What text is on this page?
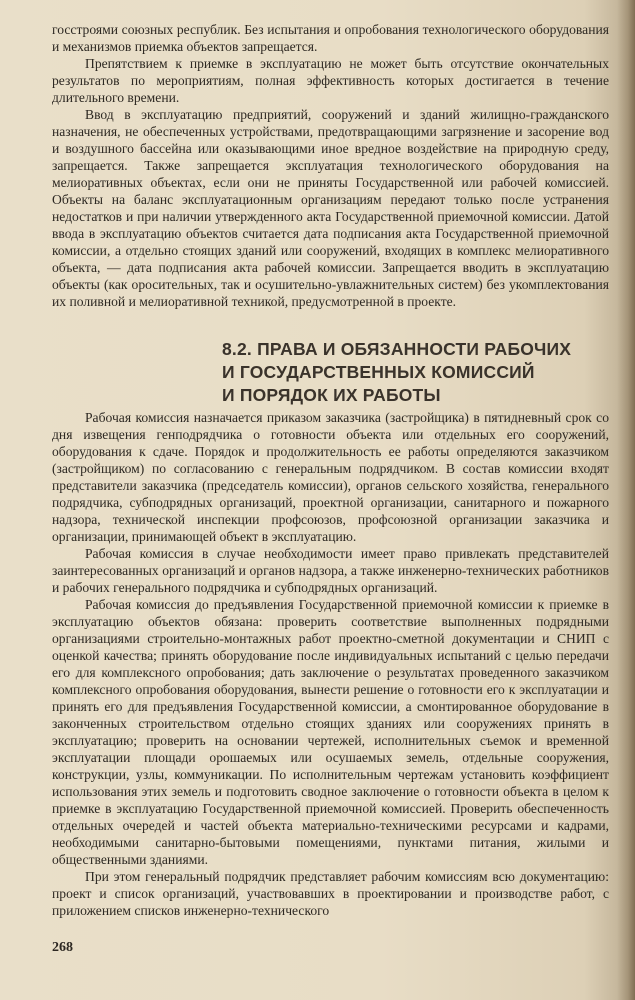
госстроями союзных республик. Без испытания и опробования технологического оборудования и механизмов приемка объектов запрещается.

Препятствием к приемке в эксплуатацию не может быть отсутствие окончательных результатов по мероприятиям, полная эффективность которых достигается в течение длительного времени.

Ввод в эксплуатацию предприятий, сооружений и зданий жилищно-гражданского назначения, не обеспеченных устройствами, предотвращающими загрязнение и засорение вод и воздушного бассейна или оказывающими иное вредное воздействие на природную среду, запрещается. Также запрещается эксплуатация технологического оборудования на мелиоративных объектах, если они не приняты Государственной или рабочей комиссией. Объекты на баланс эксплуатационным организациям передают только после устранения недостатков и при наличии утвержденного акта Государственной приемочной комиссии. Датой ввода в эксплуатацию объектов считается дата подписания акта Государственной приемочной комиссии, а отдельно стоящих зданий или сооружений, входящих в комплекс мелиоративного объекта, — дата подписания акта рабочей комиссии. Запрещается вводить в эксплуатацию объекты (как оросительных, так и осушительно-увлажнительных систем) без укомплектования их поливной и мелиоративной техникой, предусмотренной в проекте.

8.2. ПРАВА И ОБЯЗАННОСТИ РАБОЧИХ
И ГОСУДАРСТВЕННЫХ КОМИССИЙ
И ПОРЯДОК ИХ РАБОТЫ

Рабочая комиссия назначается приказом заказчика (застройщика) в пятидневный срок со дня извещения генподрядчика о готовности объекта или отдельных его сооружений, оборудования к сдаче. Порядок и продолжительность ее работы определяются заказчиком (застройщиком) по согласованию с генеральным подрядчиком. В состав комиссии входят представители заказчика (председатель комиссии), органов сельского хозяйства, генерального подрядчика, субподрядных организаций, проектной организации, санитарного и пожарного надзора, технической инспекции профсоюзов, профсоюзной организации заказчика и организации, принимающей объект в эксплуатацию.

Рабочая комиссия в случае необходимости имеет право привлекать представителей заинтересованных организаций и органов надзора, а также инженерно-технических работников и рабочих генерального подрядчика и субподрядных организаций.

Рабочая комиссия до предъявления Государственной приемочной комиссии к приемке в эксплуатацию объектов обязана: проверить соответствие выполненных подрядными организациями строительно-монтажных работ проектно-сметной документации и СНИП с оценкой качества; принять оборудование после индивидуальных испытаний с целью передачи его для комплексного опробования; дать заключение о результатах проведенного заказчиком комплексного опробования оборудования, вынести решение о готовности его к эксплуатации и принять его для предъявления Государственной комиссии, а смонтированное оборудование в законченных строительством отдельно стоящих зданиях или сооружениях принять в эксплуатацию; проверить на основании чертежей, исполнительных съемок и временной эксплуатации площади орошаемых или осушаемых земель, отдельные сооружения, конструкции, узлы, коммуникации. По исполнительным чертежам установить коэффициент использования этих земель и подготовить сводное заключение о готовности объекта в целом к приемке в эксплуатацию Государственной приемочной комиссией. Проверить обеспеченность отдельных очередей и частей объекта материально-техническими ресурсами и кадрами, необходимыми санитарно-бытовыми помещениями, пунктами питания, жилыми и общественными зданиями.

При этом генеральный подрядчик представляет рабочим комиссиям всю документацию: проект и список организаций, участвовавших в проектировании и производстве работ, с приложением списков инженерно-технического

268
